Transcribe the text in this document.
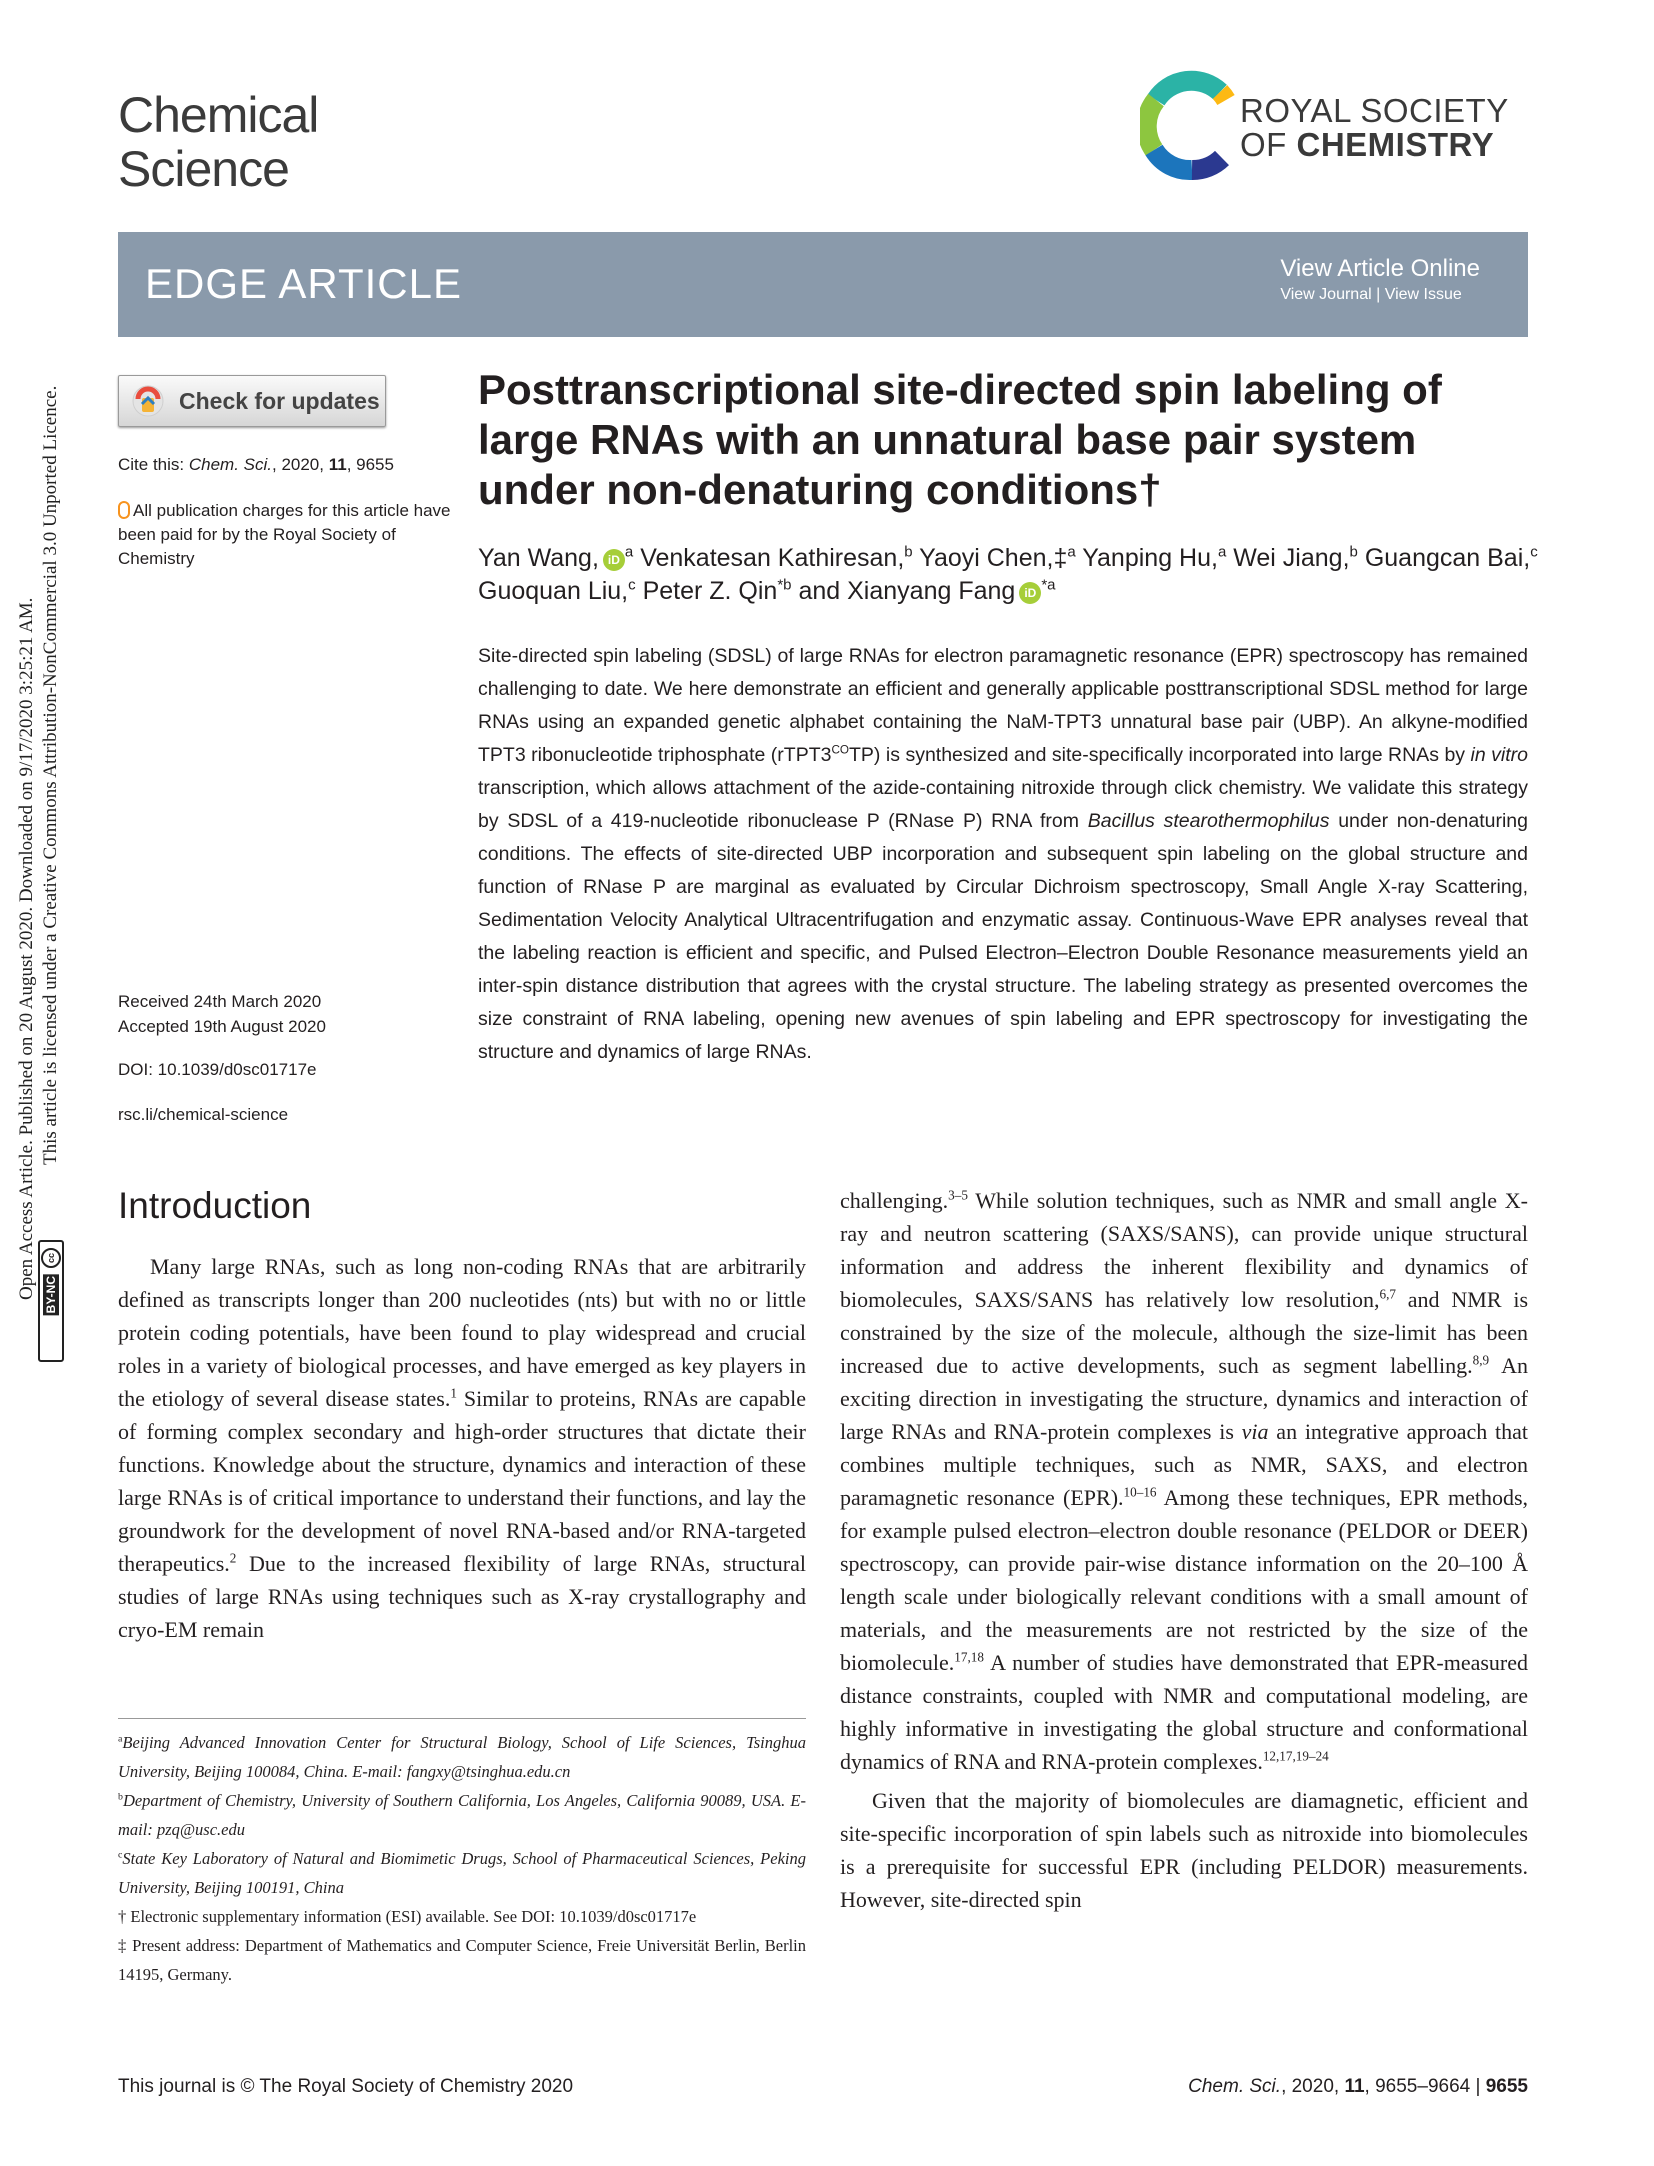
Open Access Article. Published on 20 August 2020. Downloaded on 9/17/2020 3:25:21 AM. This article is licensed under a Creative Commons Attribution-NonCommercial 3.0 Unported Licence.
cc
BY-NC
Chemical
Science
ROYAL SOCIETY
OF CHEMISTRY
EDGE ARTICLE	View Article Online
View Journal | View Issue
Check for updates
Cite this: Chem. Sci., 2020, 11, 9655
All publication charges for this article have been paid for by the Royal Society of Chemistry
Received 24th March 2020
Accepted 19th August 2020
DOI: 10.1039/d0sc01717e
rsc.li/chemical-science
Posttranscriptional site-directed spin labeling of large RNAs with an unnatural base pair system under non-denaturing conditions†
Yan Wang, iD $^a$ Venkatesan Kathiresan,$^b$ Yaoyi Chen,‡$^a$ Yanping Hu,$^a$ Wei Jiang,$^b$ Guangcan Bai,$^c$ Guoquan Liu,$^c$ Peter Z. Qin$^{*b}$ and Xianyang Fang iD $^{*a}$
Site-directed spin labeling (SDSL) of large RNAs for electron paramagnetic resonance (EPR) spectroscopy has remained challenging to date. We here demonstrate an efficient and generally applicable posttranscriptional SDSL method for large RNAs using an expanded genetic alphabet containing the NaM-TPT3 unnatural base pair (UBP). An alkyne-modified TPT3 ribonucleotide triphosphate $(rTPT3^{CO}TP)$ is synthesized and site-specifically incorporated into large RNAs by in vitro transcription, which allows attachment of the azide-containing nitroxide through click chemistry. We validate this strategy by SDSL of a 419-nucleotide ribonuclease P (RNase P) RNA from Bacillus stearothermophilus under non-denaturing conditions. The effects of site-directed UBP incorporation and subsequent spin labeling on the global structure and function of RNase P are marginal as evaluated by Circular Dichroism spectroscopy, Small Angle X-ray Scattering, Sedimentation Velocity Analytical Ultracentrifugation and enzymatic assay. Continuous-Wave EPR analyses reveal that the labeling reaction is efficient and specific, and Pulsed Electron–Electron Double Resonance measurements yield an inter-spin distance distribution that agrees with the crystal structure. The labeling strategy as presented overcomes the size constraint of RNA labeling, opening new avenues of spin labeling and EPR spectroscopy for investigating the structure and dynamics of large RNAs.
Introduction

Many large RNAs, such as long non-coding RNAs that are arbitrarily defined as transcripts longer than 200 nucleotides (nts) but with no or little protein coding potentials, have been found to play widespread and crucial roles in a variety of biological processes, and have emerged as key players in the etiology of several disease states.$^1$ Similar to proteins, RNAs are capable of forming complex secondary and high-order structures that dictate their functions. Knowledge about the structure, dynamics and interaction of these large RNAs is of critical importance to understand their functions, and lay the groundwork for the development of novel RNA-based and/or RNA-targeted therapeutics.$^2$ Due to the increased flexibility of large RNAs, structural studies of large RNAs using techniques such as X-ray crystallography and cryo-EM remain

$^a$Beijing Advanced Innovation Center for Structural Biology, School of Life Sciences, Tsinghua University, Beijing 100084, China. E-mail: fangxy@tsinghua.edu.cn
$^b$Department of Chemistry, University of Southern California, Los Angeles, California 90089, USA. E-mail: pzq@usc.edu
$^c$State Key Laboratory of Natural and Biomimetic Drugs, School of Pharmaceutical Sciences, Peking University, Beijing 100191, China
† Electronic supplementary information (ESI) available. See DOI: 10.1039/d0sc01717e
‡ Present address: Department of Mathematics and Computer Science, Freie Universität Berlin, Berlin 14195, Germany.

challenging.$^{3-5}$ While solution techniques, such as NMR and small angle X-ray and neutron scattering (SAXS/SANS), can provide unique structural information and address the inherent flexibility and dynamics of biomolecules, SAXS/SANS has relatively low resolution,$^{6,7}$ and NMR is constrained by the size of the molecule, although the size-limit has been increased due to active developments, such as segment labelling.$^{8,9}$ An exciting direction in investigating the structure, dynamics and interaction of large RNAs and RNA-protein complexes is via an integrative approach that combines multiple techniques, such as NMR, SAXS, and electron paramagnetic resonance (EPR).$^{10-16}$ Among these techniques, EPR methods, for example pulsed electron–electron double resonance (PELDOR or DEER) spectroscopy, can provide pair-wise distance information on the 20–100 Å length scale under biologically relevant conditions with a small amount of materials, and the measurements are not restricted by the size of the biomolecule.$^{17,18}$ A number of studies have demonstrated that EPR-measured distance constraints, coupled with NMR and computational modeling, are highly informative in investigating the global structure and conformational dynamics of RNA and RNA-protein complexes.$^{12,17,19-24}$

Given that the majority of biomolecules are diamagnetic, efficient and site-specific incorporation of spin labels such as nitroxide into biomolecules is a prerequisite for successful EPR (including PELDOR) measurements. However, site-directed spin

This journal is © The Royal Society of Chemistry 2020	Chem. Sci., 2020, 11, 9655–9664 | 9655
